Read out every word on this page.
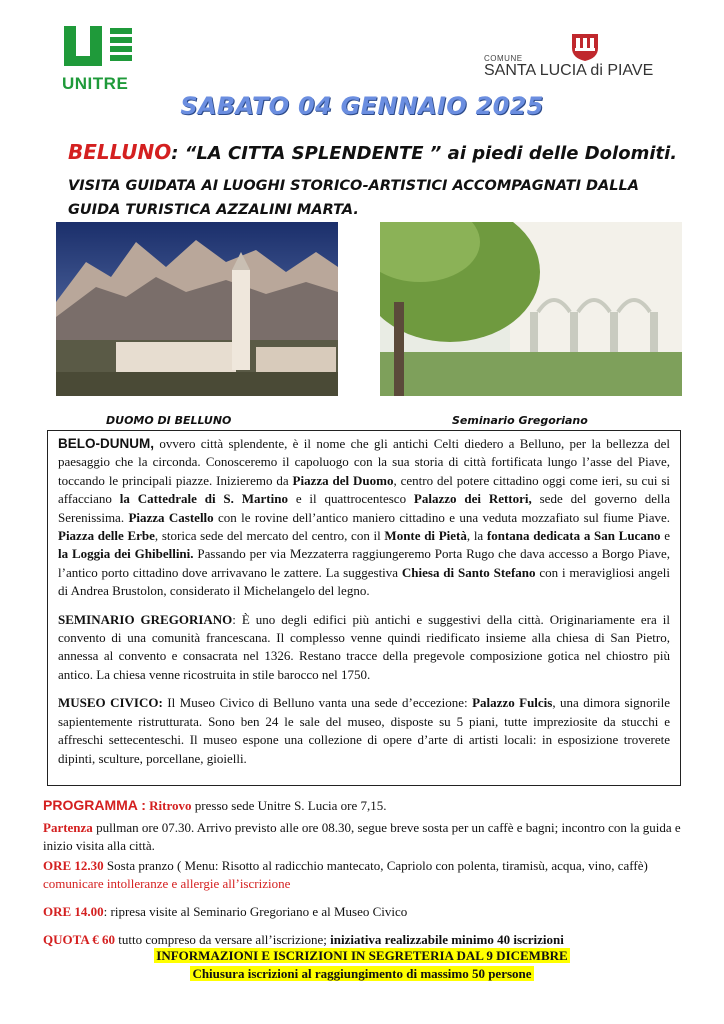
UNITRE
COMUNE
SANTA LUCIA di PIAVE
SABATO 04 GENNAIO 2025
BELLUNO: “LA CITTA SPLENDENTE ” ai piedi delle Dolomiti.
VISITA GUIDATA AI LUOGHI STORICO-ARTISTICI ACCOMPAGNATI DALLA GUIDA TURISTICA AZZALINI MARTA.
DUOMO DI BELLUNO	Seminario Gregoriano

BELO-DUNUM, ovvero città splendente, è il nome che gli antichi Celti diedero a Belluno, per la bellezza del paesaggio che la circonda. Conosceremo il capoluogo con la sua storia di città fortificata lungo l’asse del Piave, toccando le principali piazze. Inizieremo da Piazza del Duomo, centro del potere cittadino oggi come ieri, su cui si affacciano la Cattedrale di S. Martino e il quattrocentesco Palazzo dei Rettori, sede del governo della Serenissima. Piazza Castello con le rovine dell’antico maniero cittadino e una veduta mozzafiato sul fiume Piave. Piazza delle Erbe, storica sede del mercato del centro, con il Monte di Pietà, la fontana dedicata a San Lucano e la Loggia dei Ghibellini. Passando per via Mezzaterra raggiungeremo Porta Rugo che dava accesso a Borgo Piave, l’antico porto cittadino dove arrivavano le zattere. La suggestiva Chiesa di Santo Stefano con i meravigliosi angeli di Andrea Brustolon, considerato il Michelangelo del legno.

SEMINARIO GREGORIANO: È uno degli edifici più antichi e suggestivi della città. Originariamente era il convento di una comunità francescana. Il complesso venne quindi riedificato insieme alla chiesa di San Pietro, annessa al convento e consacrata nel 1326. Restano tracce della pregevole composizione gotica nel chiostro più antico. La chiesa venne ricostruita in stile barocco nel 1750.

MUSEO CIVICO: Il Museo Civico di Belluno vanta una sede d’eccezione: Palazzo Fulcis, una dimora signorile sapientemente ristrutturata. Sono ben 24 le sale del museo, disposte su 5 piani, tutte impreziosite da stucchi e affreschi settecenteschi. Il museo espone una collezione di opere d’arte di artisti locali: in esposizione troverete dipinti, sculture, porcellane, gioielli.

PROGRAMMA : Ritrovo presso sede Unitre S. Lucia ore 7,15.

Partenza pullman ore 07.30. Arrivo previsto alle ore 08.30, segue breve sosta per un caffè e bagni; incontro con la guida e inizio visita alla città.

ORE 12.30 Sosta pranzo ( Menu: Risotto al radicchio mantecato, Capriolo con polenta, tiramisù, acqua, vino, caffè) comunicare intolleranze e allergie all’iscrizione

ORE 14.00: ripresa visite al Seminario Gregoriano e al Museo Civico

QUOTA € 60 tutto compreso da versare all’iscrizione; iniziativa realizzabile minimo 40 iscrizioni

INFORMAZIONI E ISCRIZIONI IN SEGRETERIA DAL 9 DICEMBRE
Chiusura iscrizioni al raggiungimento di massimo 50 persone
